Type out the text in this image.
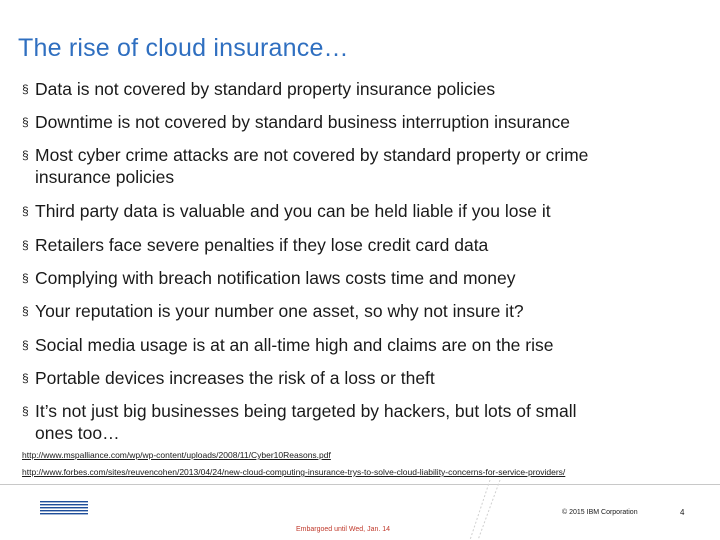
The rise of cloud insurance…
§ Data is not covered by standard property insurance policies
§ Downtime is not covered by standard business interruption insurance
§ Most cyber crime attacks are not covered by standard property or crime
insurance policies
§ Third party data is valuable and you can be held liable if you lose it
§ Retailers face severe penalties if they lose credit card data
§ Complying with breach notification laws costs time and money
§ Your reputation is your number one asset, so why not insure it?
§ Social media usage is at an all-time high and claims are on the rise
§ Portable devices increases the risk of a loss or theft
§ It’s not just big businesses being targeted by hackers, but lots of small
ones too…
http://www.mspalliance.com/wp/wp-content/uploads/2008/11/Cyber10Reasons.pdf
http://www.forbes.com/sites/reuvencohen/2013/04/24/new-cloud-computing-insurance-trys-to-solve-cloud-liability-concerns-for-service-providers/
IBM	© 2015 IBM Corporation	4
Embargoed until Wed, Jan. 14
